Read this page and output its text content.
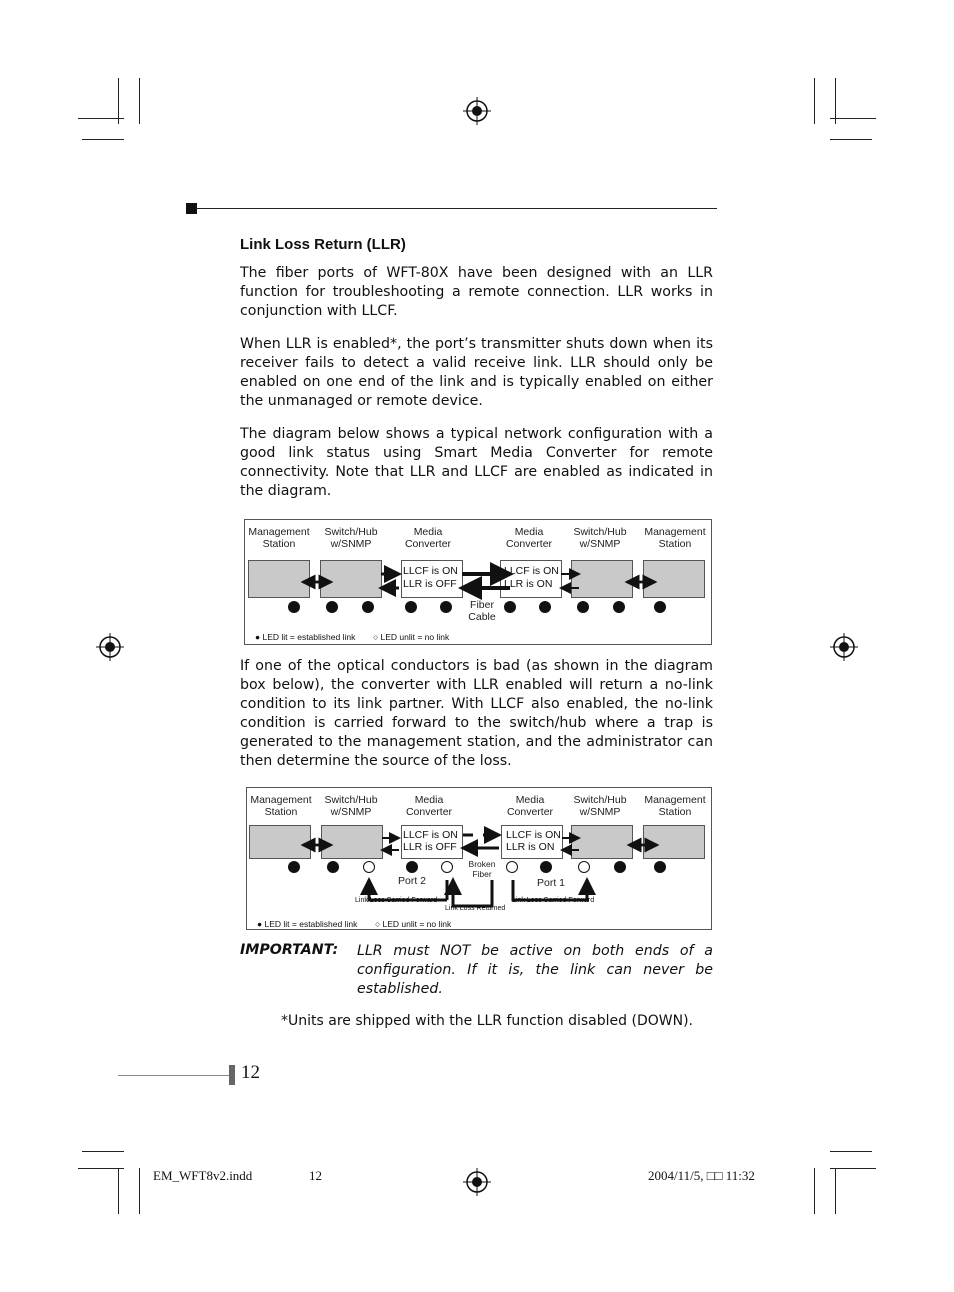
Link Loss Return (LLR)
The fiber ports of WFT-80X have been designed with an LLR function for troubleshooting a remote connection. LLR works in conjunction with LLCF.
When LLR is enabled*, the port’s transmitter shuts down when its receiver fails to detect a valid receive link. LLR should only be enabled on one end of the link and is typically enabled on either the unmanaged or remote device.
The diagram below shows a typical network configuration with a good link status using Smart Media Converter for remote connectivity. Note that LLR and LLCF are enabled as indicated in the diagram.
Management
Station
Switch/Hub
w/SNMP
Media
Converter
Media
Converter
Switch/Hub
w/SNMP
Management
Station
LLCF is ON
LLR is OFF
LLCF is ON
LLR is ON
Fiber
Cable
● LED lit = established link ○ LED unlit = no link
If one of the optical conductors is bad (as shown in the diagram box below), the converter with LLR enabled will return a no-link condition to its link partner. With LLCF also enabled, the no-link condition is carried forward to the switch/hub where a trap is generated to the management station, and the administrator can then determine the source of the loss.
Management
Station
Switch/Hub
w/SNMP
Media
Converter
Media
Converter
Switch/Hub
w/SNMP
Management
Station
LLCF is ON
LLR is OFF
LLCF is ON
LLR is ON
Broken
Fiber
Port 2	Port 1
Link Loss Carried Forward	Link Loss Carried Forward
Link Loss Returned
● LED lit = established link ○ LED unlit = no link
IMPORTANT: LLR must NOT be active on both ends of a configuration. If it is, the link can never be established.
*Units are shipped with the LLR function disabled (DOWN).
12
EM_WFT8v2.indd	12	2004/11/5, □□ 11:32
